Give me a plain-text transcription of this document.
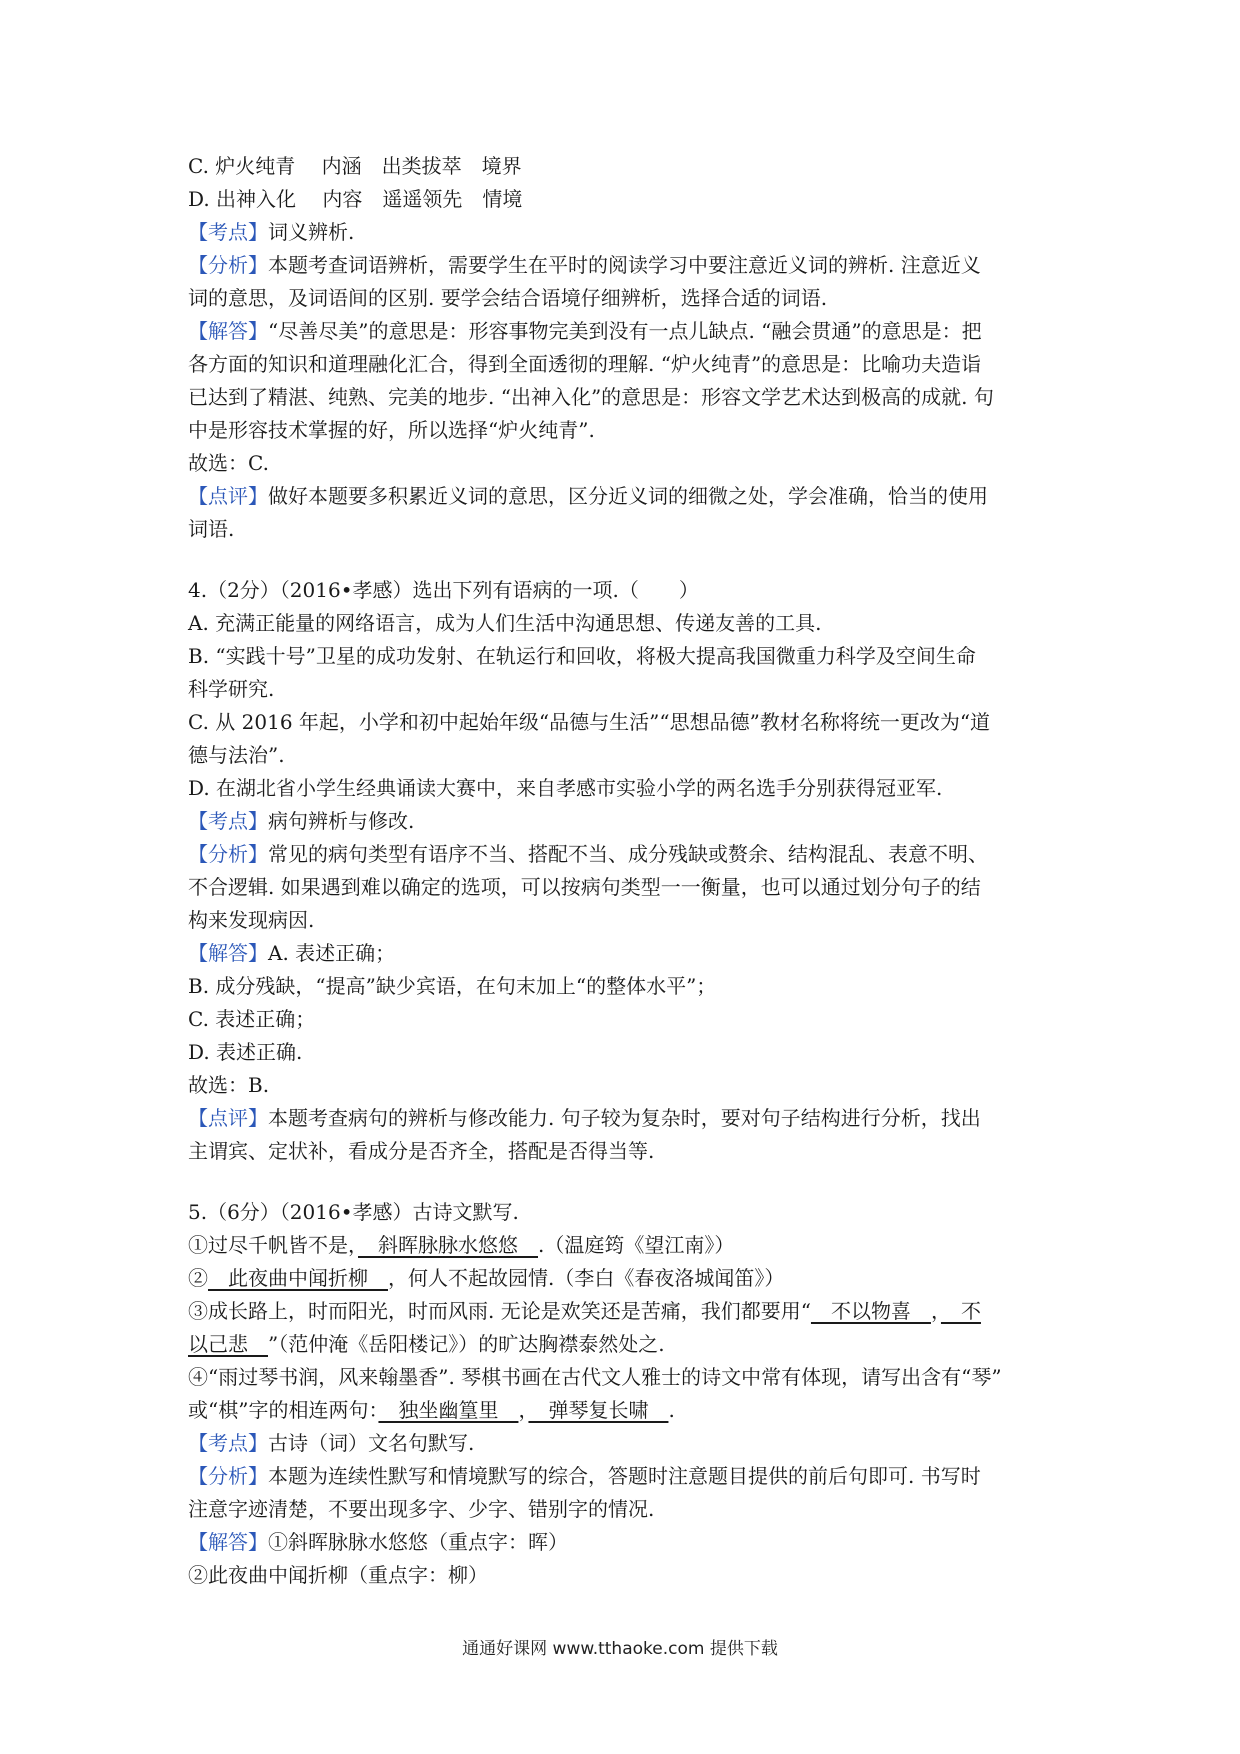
C. 炉火纯青　 内涵　出类拔萃　境界
D. 出神入化　 内容　遥遥领先　情境
【考点】词义辨析.
【分析】本题考查词语辨析，需要学生在平时的阅读学习中要注意近义词的辨析. 注意近义
词的意思，及词语间的区别. 要学会结合语境仔细辨析，选择合适的词语.
【解答】“尽善尽美”的意思是：形容事物完美到没有一点儿缺点. “融会贯通”的意思是：把
各方面的知识和道理融化汇合，得到全面透彻的理解. “炉火纯青”的意思是：比喻功夫造诣
已达到了精湛、纯熟、完美的地步. “出神入化”的意思是：形容文学艺术达到极高的成就. 句
中是形容技术掌握的好，所以选择“炉火纯青”.
故选：C.
【点评】做好本题要多积累近义词的意思，区分近义词的细微之处，学会准确，恰当的使用
词语.
4.（2分）（2016•孝感）选出下列有语病的一项.（　　）
A. 充满正能量的网络语言，成为人们生活中沟通思想、传递友善的工具.
B. “实践十号”卫星的成功发射、在轨运行和回收，将极大提高我国微重力科学及空间生命
科学研究.
C. 从 2016 年起，小学和初中起始年级“品德与生活”“思想品德”教材名称将统一更改为“道
德与法治”.
D. 在湖北省小学生经典诵读大赛中，来自孝感市实验小学的两名选手分别获得冠亚军.
【考点】病句辨析与修改.
【分析】常见的病句类型有语序不当、搭配不当、成分残缺或赘余、结构混乱、表意不明、
不合逻辑. 如果遇到难以确定的选项，可以按病句类型一一衡量，也可以通过划分句子的结
构来发现病因.
【解答】A. 表述正确；
B. 成分残缺，“提高”缺少宾语，在句末加上“的整体水平”；
C. 表述正确；
D. 表述正确.
故选：B.
【点评】本题考查病句的辨析与修改能力. 句子较为复杂时，要对句子结构进行分析，找出
主谓宾、定状补，看成分是否齐全，搭配是否得当等.
5.（6分）（2016•孝感）古诗文默写.
①过尽千帆皆不是，　斜晖脉脉水悠悠　.（温庭筠《望江南》）
②　此夜曲中闻折柳　，何人不起故园情.（李白《春夜洛城闻笛》）
③成长路上，时而阳光，时而风雨. 无论是欢笑还是苦痛，我们都要用“　不以物喜　，　不
以己悲　”（范仲淹《岳阳楼记》）的旷达胸襟泰然处之.
④“雨过琴书润，风来翰墨香”. 琴棋书画在古代文人雅士的诗文中常有体现，请写出含有“琴”
或“棋”字的相连两句：　独坐幽篁里　，　弹琴复长啸　.
【考点】古诗（词）文名句默写.
【分析】本题为连续性默写和情境默写的综合，答题时注意题目提供的前后句即可. 书写时
注意字迹清楚，不要出现多字、少字、错别字的情况.
【解答】①斜晖脉脉水悠悠（重点字：晖）
②此夜曲中闻折柳（重点字：柳）
通通好课网 www.tthaoke.com 提供下载
